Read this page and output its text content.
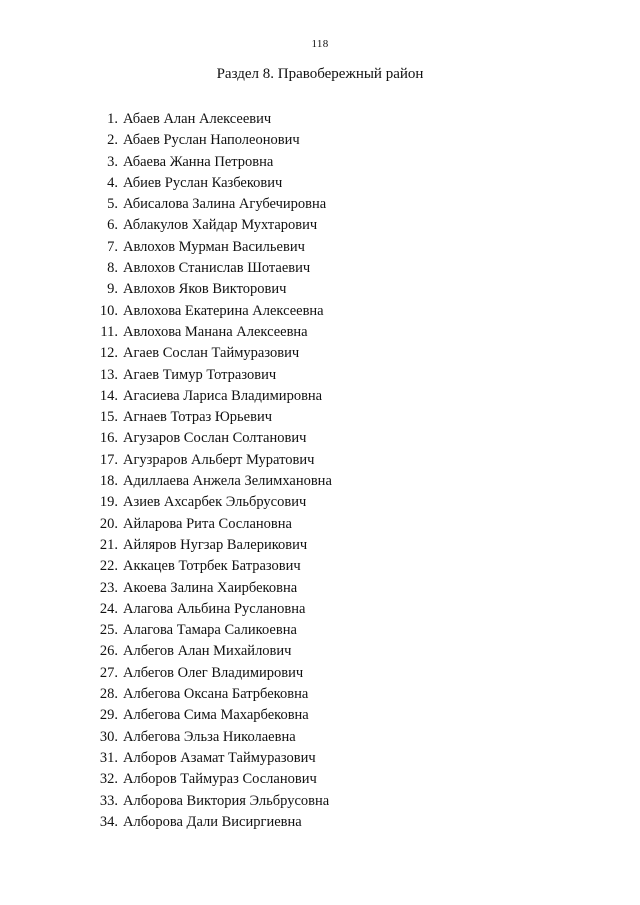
118
Раздел 8. Правобережный район
1. Абаев Алан Алексеевич
2. Абаев Руслан Наполеонович
3. Абаева Жанна Петровна
4. Абиев Руслан Казбекович
5. Абисалова Залина Агубечировна
6. Аблакулов Хайдар Мухтарович
7. Авлохов Мурман Васильевич
8. Авлохов Станислав Шотаевич
9. Авлохов Яков Викторович
10. Авлохова Екатерина Алексеевна
11. Авлохова Манана Алексеевна
12. Агаев Сослан Таймуразович
13. Агаев Тимур Тотразович
14. Агасиева Лариса Владимировна
15. Агнаев Тотраз Юрьевич
16. Агузаров Сослан Солтанович
17. Агузраров Альберт Муратович
18. Адиллаева Анжела Зелимхановна
19. Азиев Ахсарбек Эльбрусович
20. Айларова Рита Сослановна
21. Айляров Нугзар Валерикович
22. Аккацев Тотрбек Батразович
23. Акоева Залина Хаирбековна
24. Алагова Альбина Руслановна
25. Алагова Тамара Саликоевна
26. Албегов Алан Михайлович
27. Албегов Олег Владимирович
28. Албегова Оксана Батрбековна
29. Албегова Сима Махарбековна
30. Албегова Эльза Николаевна
31. Алборов Азамат Таймуразович
32. Алборов Таймураз Сосланович
33. Алборова Виктория Эльбрусовна
34. Алборова Дали Висиргиевна
